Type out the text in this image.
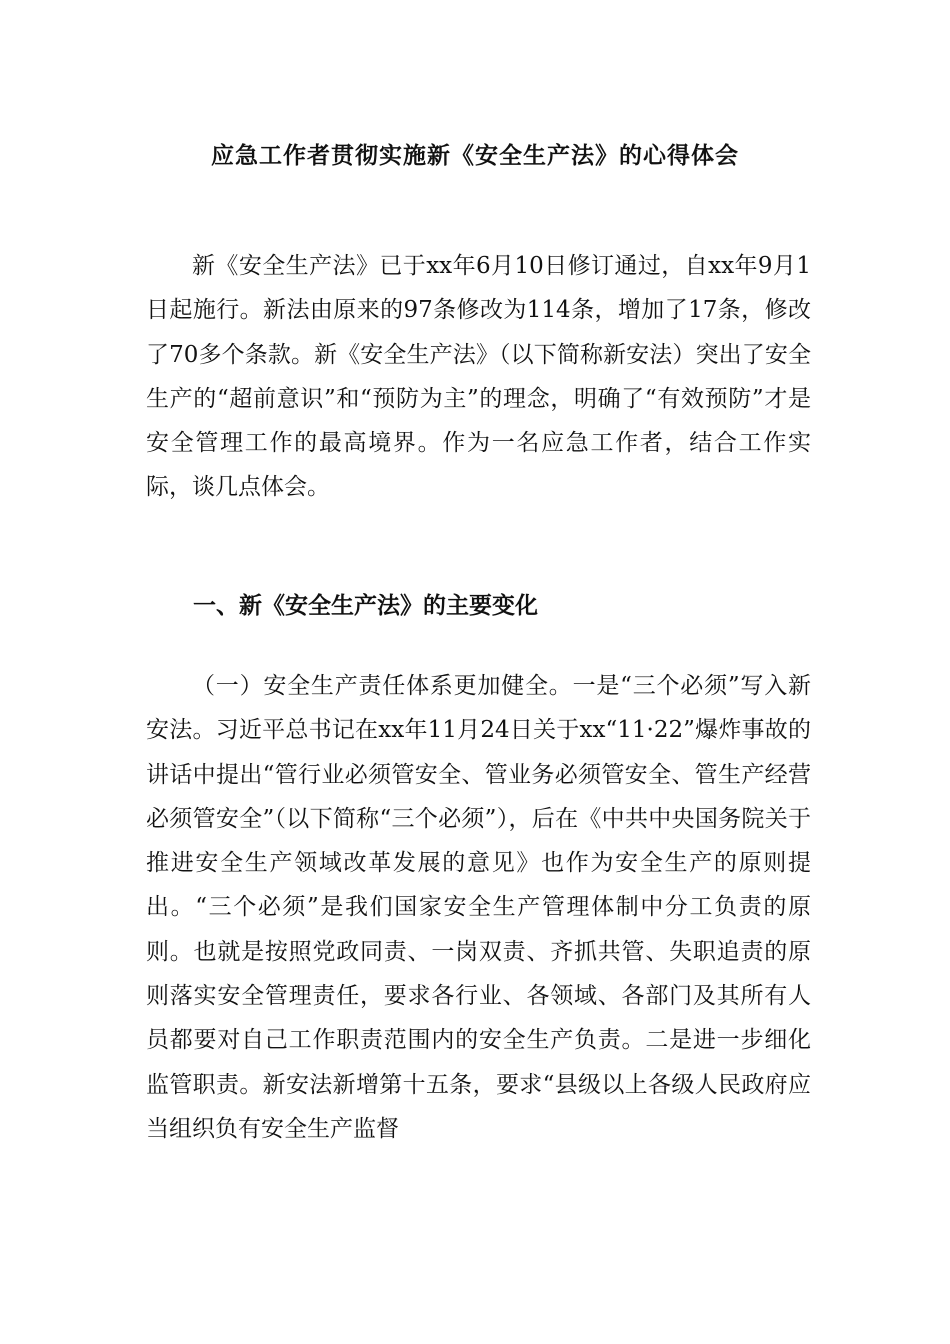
应急工作者贯彻实施新《安全生产法》的心得体会

新《安全生产法》已于xx年6月10日修订通过，自xx年9月1日起施行。新法由原来的97条修改为114条，增加了17条，修改了70多个条款。新《安全生产法》（以下简称新安法）突出了安全生产的“超前意识”和“预防为主”的理念，明确了“有效预防”才是安全管理工作的最高境界。作为一名应急工作者，结合工作实际，谈几点体会。

一、新《安全生产法》的主要变化

（一）安全生产责任体系更加健全。一是“三个必须”写入新安法。习近平总书记在xx年11月24日关于xx“11·22”爆炸事故的讲话中提出“管行业必须管安全、管业务必须管安全、管生产经营必须管安全”（以下简称“三个必须”），后在《中共中央国务院关于推进安全生产领域改革发展的意见》也作为安全生产的原则提出。“三个必须”是我们国家安全生产管理体制中分工负责的原则。也就是按照党政同责、一岗双责、齐抓共管、失职追责的原则落实安全管理责任，要求各行业、各领域、各部门及其所有人员都要对自己工作职责范围内的安全生产负责。二是进一步细化监管职责。新安法新增第十五条，要求“县级以上各级人民政府应当组织负有安全生产监督
